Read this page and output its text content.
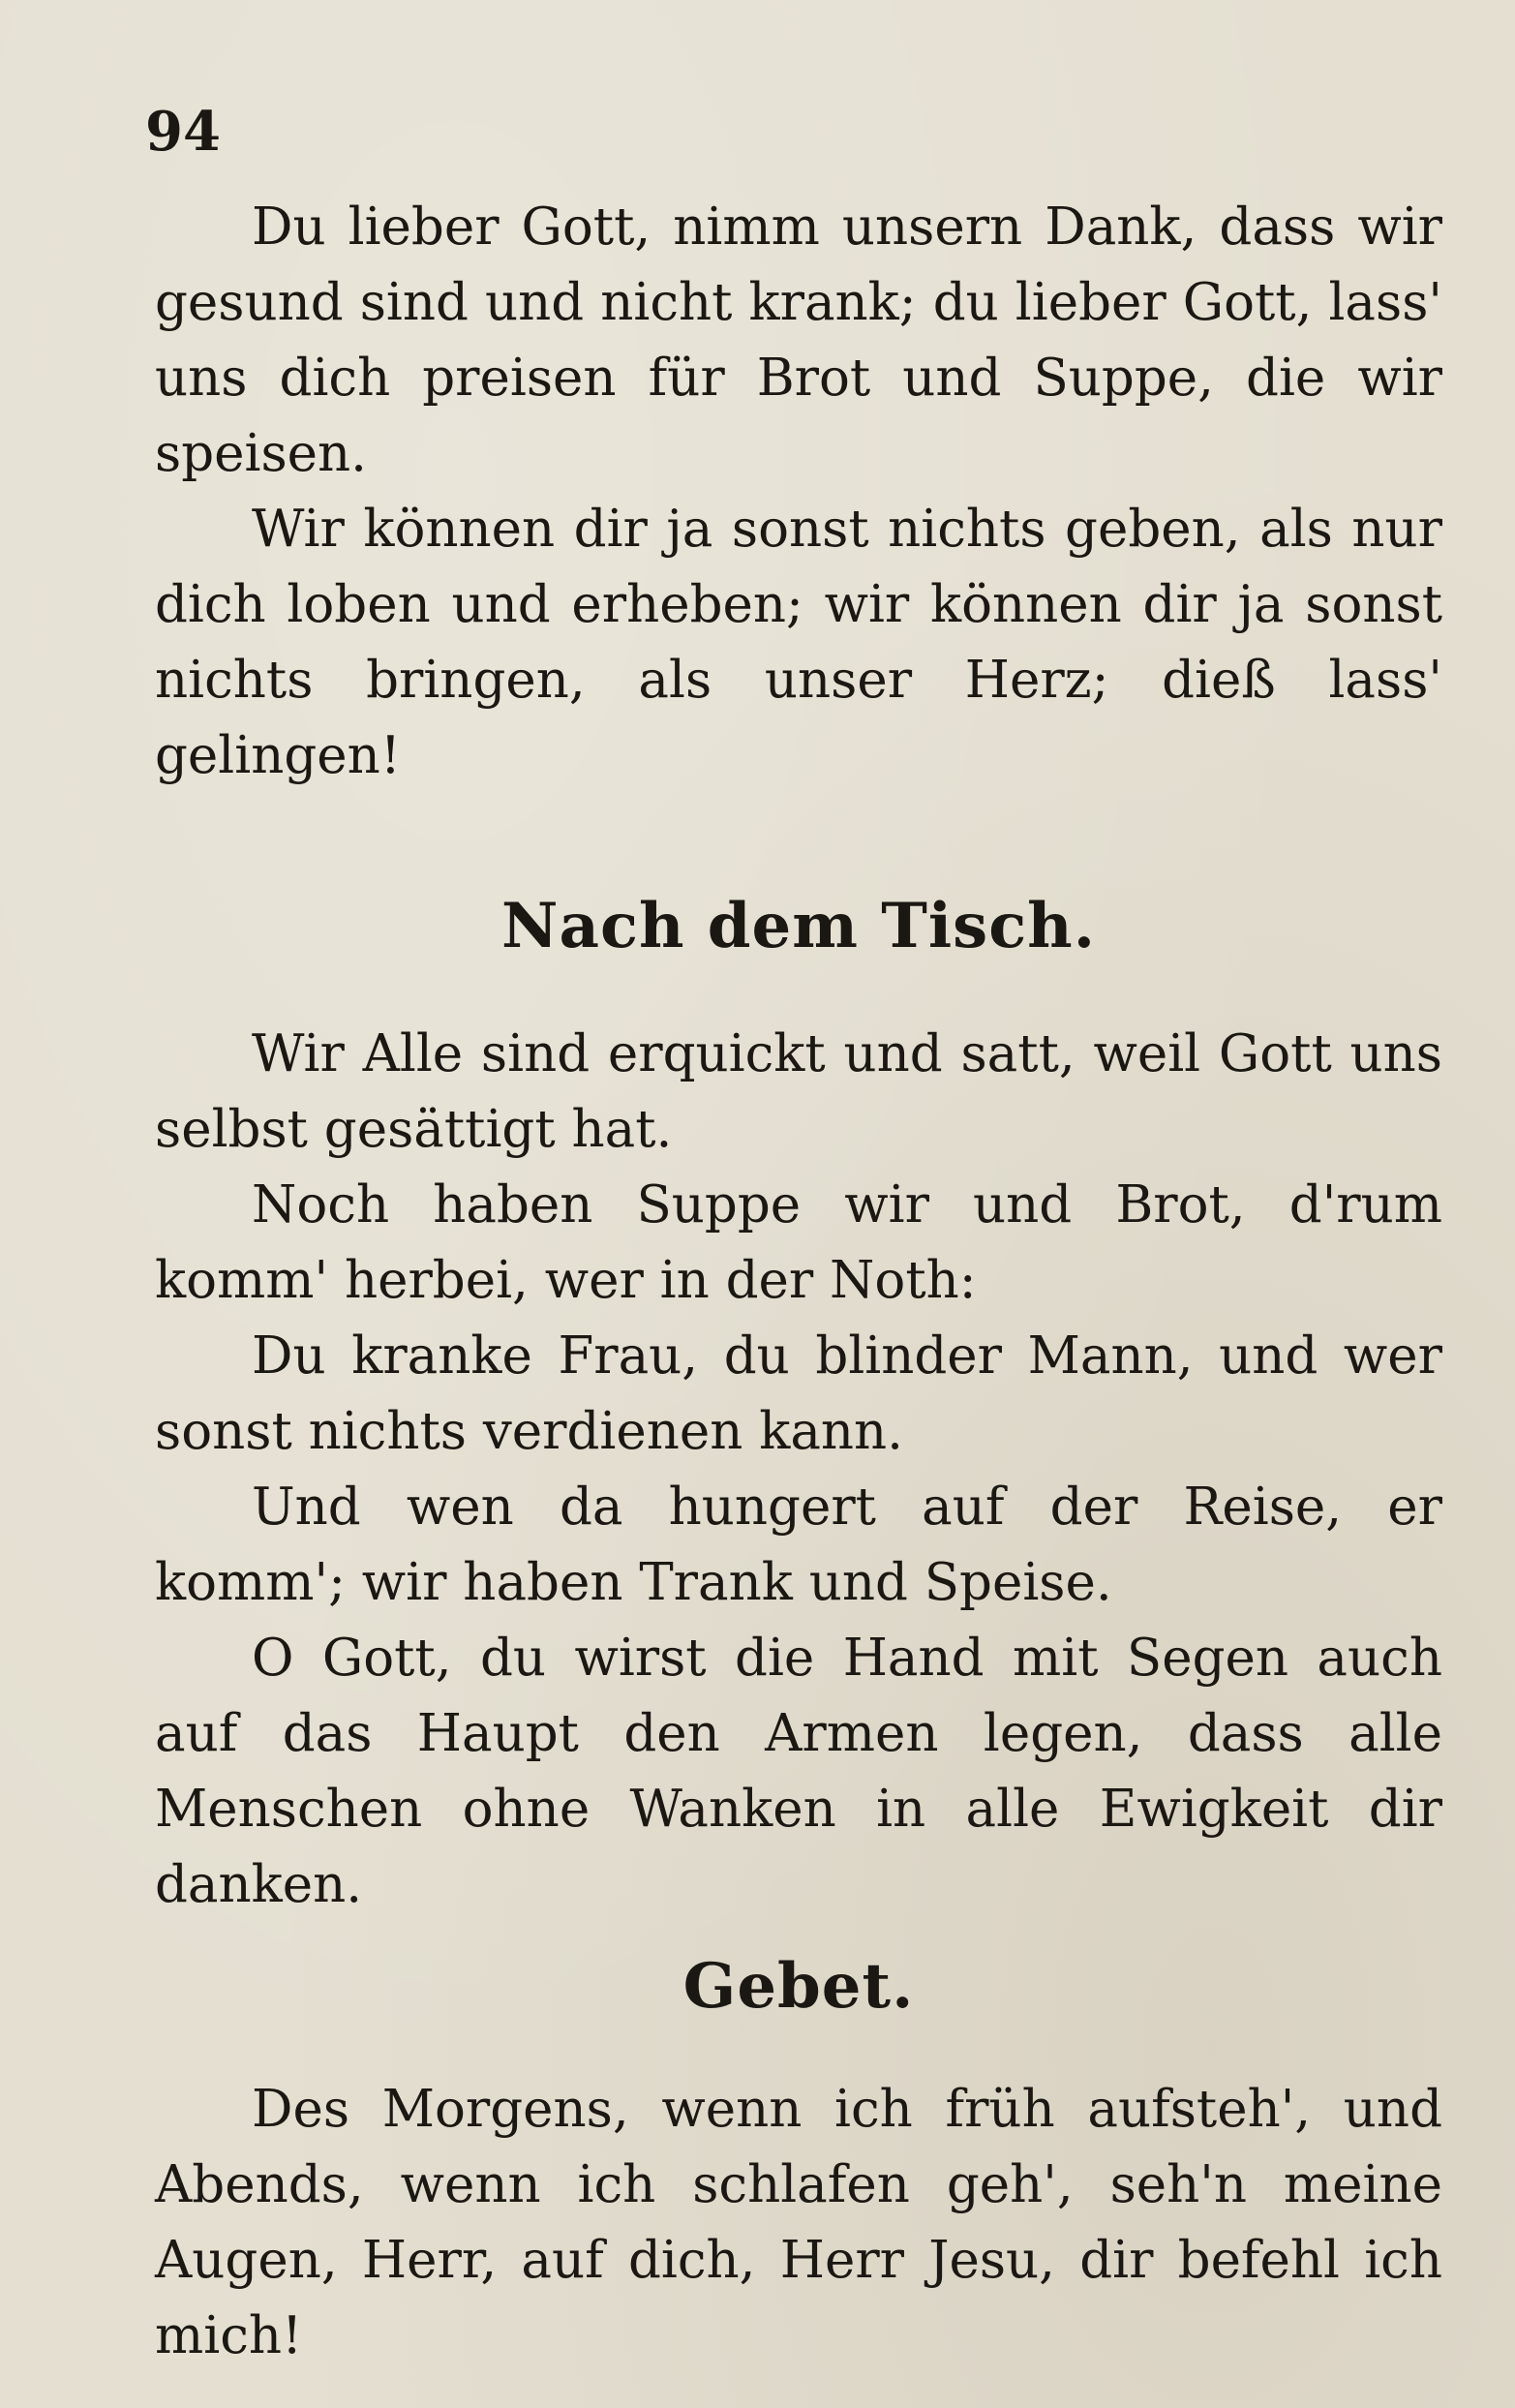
94

Du lieber Gott, nimm unsern Dank, dass wir gesund sind und nicht krank; du lieber Gott, lass' uns dich preisen für Brot und Suppe, die wir speisen.

Wir können dir ja sonst nichts geben, als nur dich loben und erheben; wir können dir ja sonst nichts bringen, als unser Herz; dieß lass' gelingen!

Nach dem Tisch.

Wir Alle sind erquickt und satt, weil Gott uns selbst gesättigt hat.

Noch haben Suppe wir und Brot, d'rum komm' herbei, wer in der Noth:

Du kranke Frau, du blinder Mann, und wer sonst nichts verdienen kann.

Und wen da hungert auf der Reise, er komm'; wir haben Trank und Speise.

O Gott, du wirst die Hand mit Segen auch auf das Haupt den Armen legen, dass alle Menschen ohne Wanken in alle Ewigkeit dir danken.

Gebet.

Des Morgens, wenn ich früh aufsteh', und Abends, wenn ich schlafen geh', seh'n meine Augen, Herr, auf dich, Herr Jesu, dir befehl ich mich!
